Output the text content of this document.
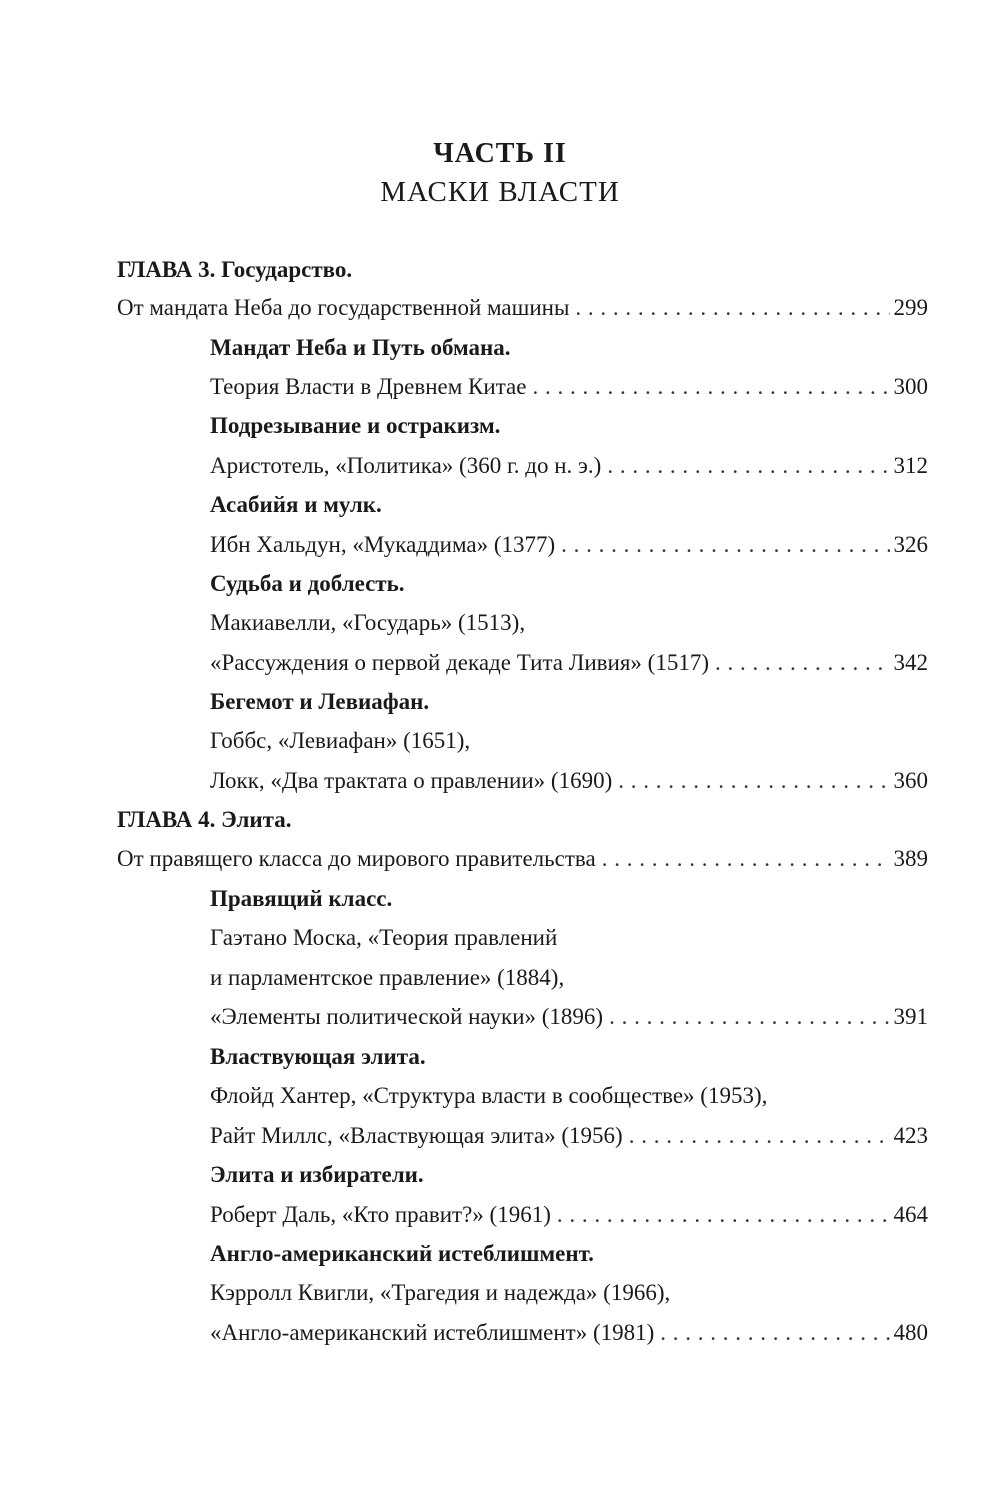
ЧАСТЬ II
МАСКИ ВЛАСТИ
ГЛАВА 3. Государство.
От мандата Неба до государственной машины . . .	299
Мандат Неба и Путь обмана.
Теория Власти в Древнем Китае . . .	300
Подрезывание и остракизм.
Аристотель, «Политика» (360 г. до н. э.) . . .	312
Асабийя и мулк.
Ибн Хальдун, «Мукаддима» (1377) . . .	326
Судьба и доблесть.
Макиавелли, «Государь» (1513),
«Рассуждения о первой декаде Тита Ливия» (1517) . . .	342
Бегемот и Левиафан.
Гоббс, «Левиафан» (1651),
Локк, «Два трактата о правлении» (1690) . . .	360
ГЛАВА 4. Элита.
От правящего класса до мирового правительства . . .	389
Правящий класс.
Гаэтано Моска, «Теория правлений
и парламентское правление» (1884),
«Элементы политической науки» (1896) . . .	391
Властвующая элита.
Флойд Хантер, «Структура власти в сообществе» (1953),
Райт Миллс, «Властвующая элита» (1956) . . .	423
Элита и избиратели.
Роберт Даль, «Кто правит?» (1961) . . .	464
Англо-американский истеблишмент.
Кэрролл Квигли, «Трагедия и надежда» (1966),
«Англо-американский истеблишмент» (1981) . . .	480
